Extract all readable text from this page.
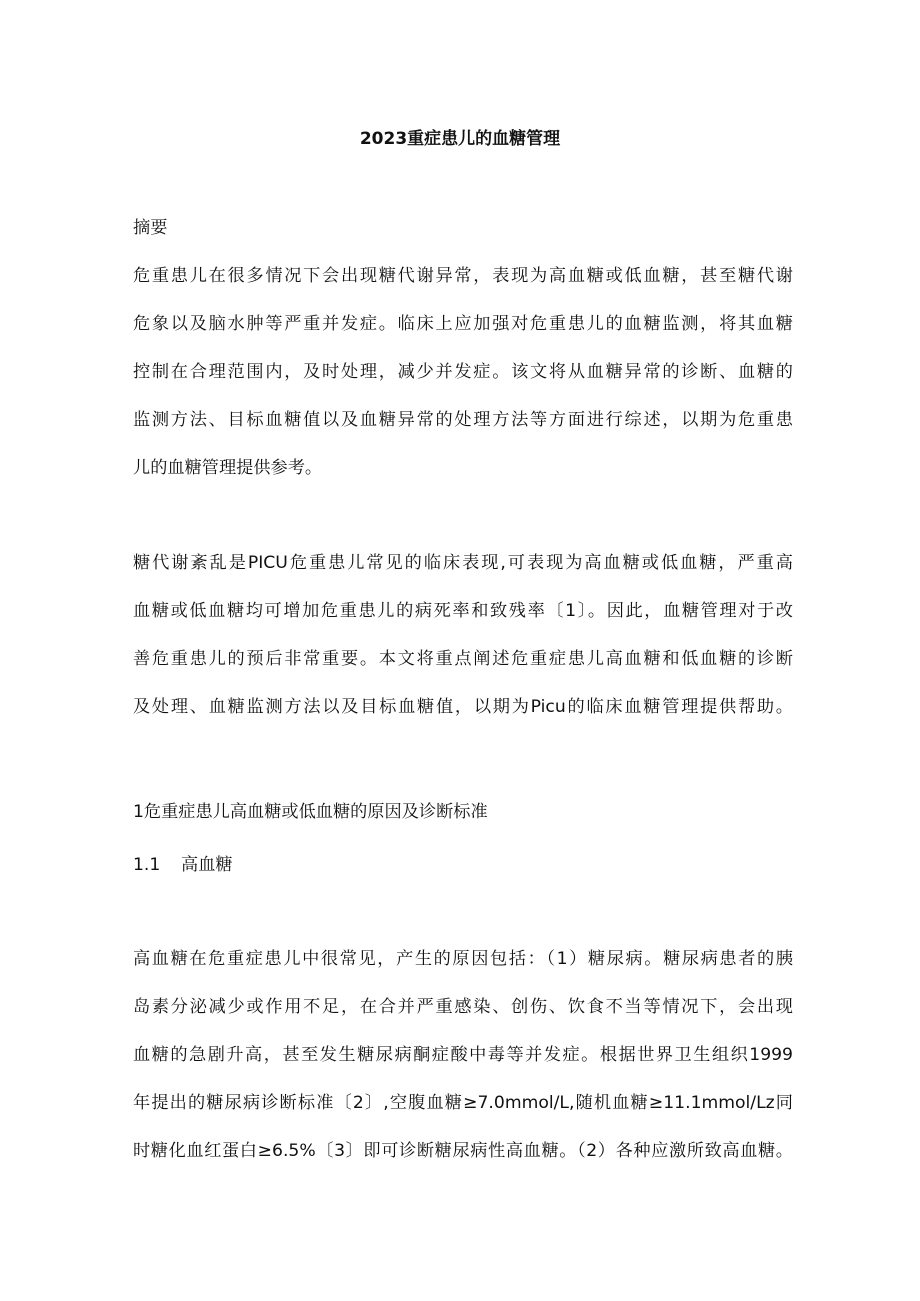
2023重症患儿的血糖管理
摘要
危重患儿在很多情况下会出现糖代谢异常，表现为高血糖或低血糖，甚至糖代谢
危象以及脑水肿等严重并发症。临床上应加强对危重患儿的血糖监测，将其血糖
控制在合理范围内，及时处理，减少并发症。该文将从血糖异常的诊断、血糖的
监测方法、目标血糖值以及血糖异常的处理方法等方面进行综述，以期为危重患
儿的血糖管理提供参考。
糖代谢紊乱是PICU危重患儿常见的临床表现,可表现为高血糖或低血糖，严重高
血糖或低血糖均可增加危重患儿的病死率和致残率〔1〕。因此，血糖管理对于改
善危重患儿的预后非常重要。本文将重点阐述危重症患儿高血糖和低血糖的诊断
及处理、血糖监测方法以及目标血糖值，以期为Picu的临床血糖管理提供帮助。
1危重症患儿高血糖或低血糖的原因及诊断标准
1.1 高血糖
高血糖在危重症患儿中很常见，产生的原因包括：（1）糖尿病。糖尿病患者的胰
岛素分泌减少或作用不足，在合并严重感染、创伤、饮食不当等情况下，会出现
血糖的急剧升高，甚至发生糖尿病酮症酸中毒等并发症。根据世界卫生组织1999
年提出的糖尿病诊断标准〔2〕,空腹血糖≥7.0mmol/L,随机血糖≥11.1mmol/Lz同
时糖化血红蛋白≥6.5%〔3〕即可诊断糖尿病性高血糖。（2）各种应激所致高血糖。
